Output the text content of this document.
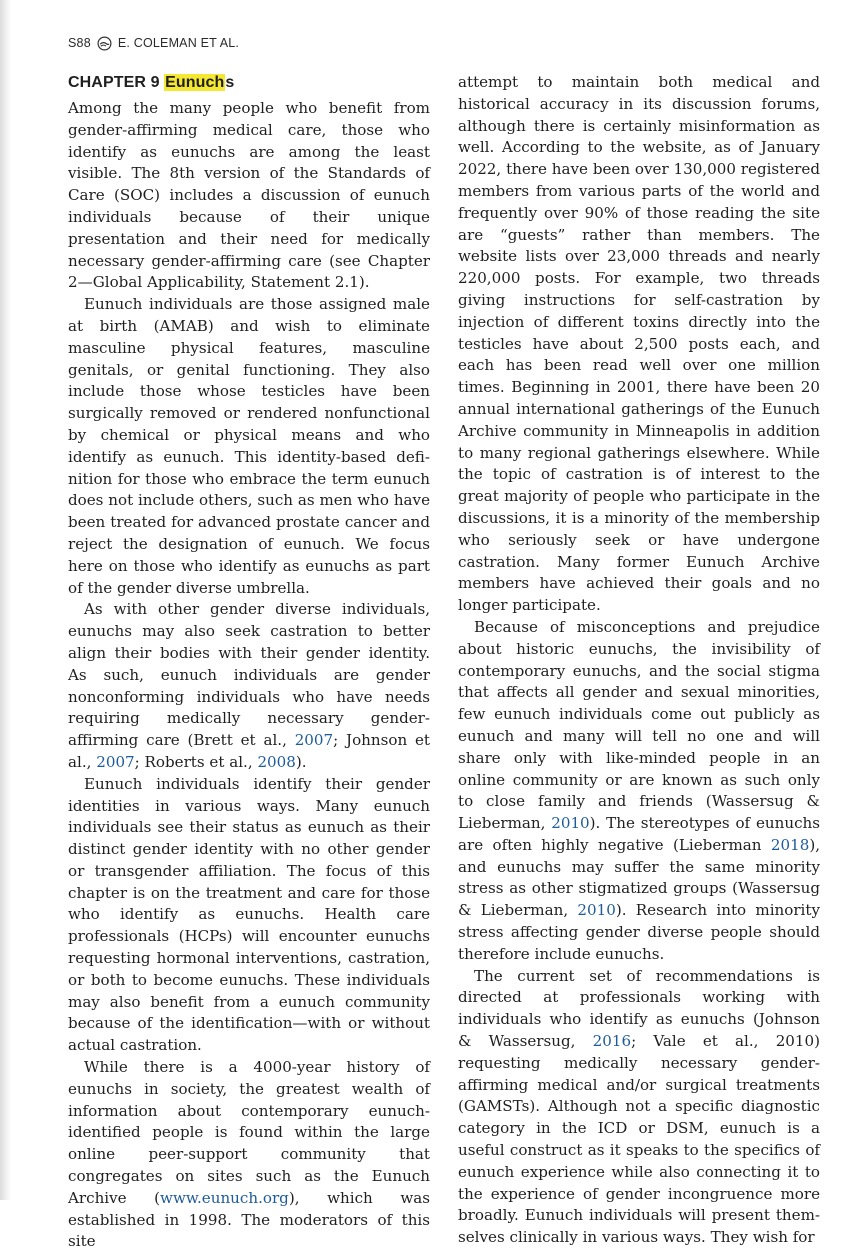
S88 E. COLEMAN ET AL.
CHAPTER 9 Eunuchs

Among the many people who benefit from gender-affirming medical care, those who identify as eunuchs are among the least visible. The 8th version of the Standards of Care (SOC) includes a discussion of eunuch individuals because of their unique presentation and their need for medically necessary gender-affirming care (see Chapter 2—Global Applicability, Statement 2.1).

Eunuch individuals are those assigned male at birth (AMAB) and wish to eliminate masculine physical features, masculine genitals, or genital functioning. They also include those whose testicles have been surgically removed or rendered nonfunctional by chemical or physical means and who identify as eunuch. This identity-based definition for those who embrace the term eunuch does not include others, such as men who have been treated for advanced prostate cancer and reject the designation of eunuch. We focus here on those who identify as eunuchs as part of the gender diverse umbrella.

As with other gender diverse individuals, eunuchs may also seek castration to better align their bodies with their gender identity. As such, eunuch individuals are gender nonconforming individuals who have needs requiring medically necessary gender-affirming care (Brett et al., 2007; Johnson et al., 2007; Roberts et al., 2008).

Eunuch individuals identify their gender identities in various ways. Many eunuch individuals see their status as eunuch as their distinct gender identity with no other gender or transgender affiliation. The focus of this chapter is on the treatment and care for those who identify as eunuchs. Health care professionals (HCPs) will encounter eunuchs requesting hormonal interventions, castration, or both to become eunuchs. These individuals may also benefit from a eunuch community because of the identification—with or without actual castration.

While there is a 4000-year history of eunuchs in society, the greatest wealth of information about contemporary eunuch-identified people is found within the large online peer-support community that congregates on sites such as the Eunuch Archive (www.eunuch.org), which was established in 1998. The moderators of this site

attempt to maintain both medical and historical accuracy in its discussion forums, although there is certainly misinformation as well. According to the website, as of January 2022, there have been over 130,000 registered members from various parts of the world and frequently over 90% of those reading the site are “guests” rather than members. The website lists over 23,000 threads and nearly 220,000 posts. For example, two threads giving instructions for self-castration by injection of different toxins directly into the testicles have about 2,500 posts each, and each has been read well over one million times. Beginning in 2001, there have been 20 annual international gatherings of the Eunuch Archive community in Minneapolis in addition to many regional gatherings elsewhere. While the topic of castration is of interest to the great majority of people who participate in the discussions, it is a minority of the membership who seriously seek or have undergone castration. Many former Eunuch Archive members have achieved their goals and no longer participate.

Because of misconceptions and prejudice about historic eunuchs, the invisibility of contemporary eunuchs, and the social stigma that affects all gender and sexual minorities, few eunuch individuals come out publicly as eunuch and many will tell no one and will share only with like-minded people in an online community or are known as such only to close family and friends (Wassersug & Lieberman, 2010). The stereotypes of eunuchs are often highly negative (Lieberman 2018), and eunuchs may suffer the same minority stress as other stigmatized groups (Wassersug & Lieberman, 2010). Research into minority stress affecting gender diverse people should therefore include eunuchs.

The current set of recommendations is directed at professionals working with individuals who identify as eunuchs (Johnson & Wassersug, 2016; Vale et al., 2010) requesting medically necessary gender-affirming medical and/or surgical treatments (GAMSTs). Although not a specific diagnostic category in the ICD or DSM, eunuch is a useful construct as it speaks to the specifics of eunuch experience while also connecting it to the experience of gender incongruence more broadly. Eunuch individuals will present themselves clinically in various ways. They wish for
